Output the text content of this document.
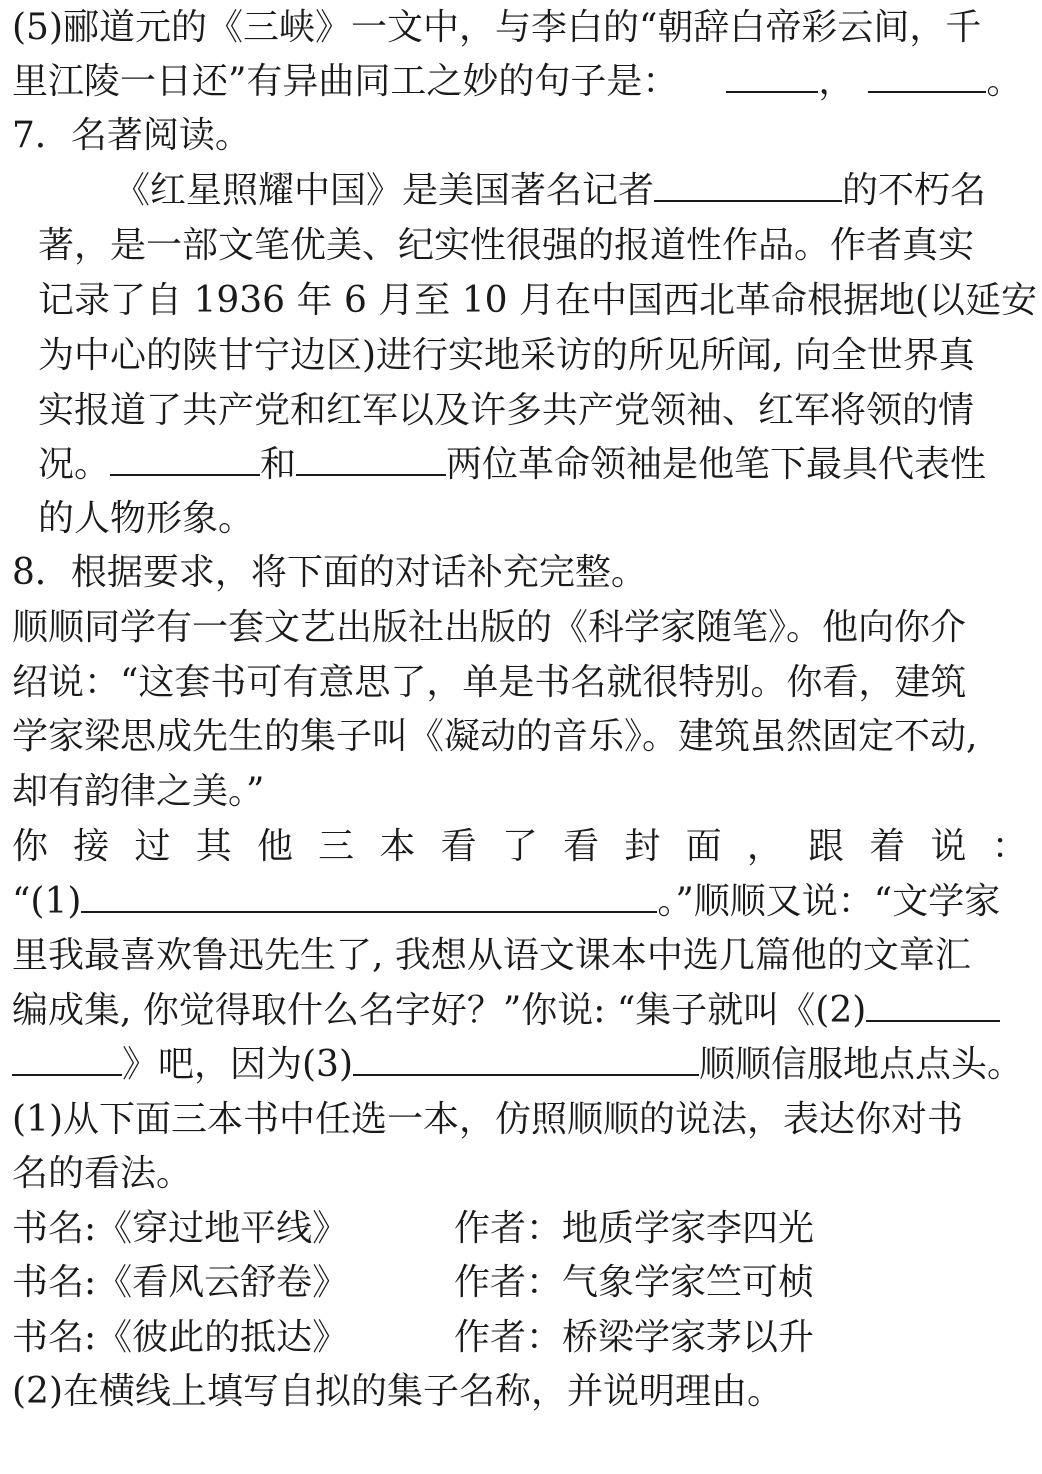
(5)郦道元的《三峡》一文中，与李白的“朝辞白帝彩云间，千
里江陵一日还”有异曲同工之妙的句子是：	，	。
7．名著阅读。
《红星照耀中国》是美国著名记者	的不朽名
著，是一部文笔优美、纪实性很强的报道性作品。作者真实
记录了自 1936 年 6 月至 10 月在中国西北革命根据地(以延安
为中心的陕甘宁边区)进行实地采访的所见所闻, 向全世界真
实报道了共产党和红军以及许多共产党领袖、红军将领的情
况。	和	两位革命领袖是他笔下最具代表性
的人物形象。
8．根据要求，将下面的对话补充完整。
顺顺同学有一套文艺出版社出版的《科学家随笔》。他向你介
绍说：“这套书可有意思了，单是书名就很特别。你看，建筑
学家梁思成先生的集子叫《凝动的音乐》。建筑虽然固定不动,
却有韵律之美。”
你 接 过 其 他 三 本 看 了 看 封 面 ， 跟 着 说 ：
“(1)	。”顺顺又说：“文学家
里我最喜欢鲁迅先生了, 我想从语文课本中选几篇他的文章汇
编成集, 你觉得取什么名字好？”你说: “集子就叫《(2)
》吧，因为(3)	顺顺信服地点点头。
(1)从下面三本书中任选一本，仿照顺顺的说法，表达你对书
名的看法。
书名:《穿过地平线》	作者：地质学家李四光
书名:《看风云舒卷》	作者：气象学家竺可桢
书名:《彼此的抵达》	作者：桥梁学家茅以升
(2)在横线上填写自拟的集子名称，并说明理由。
